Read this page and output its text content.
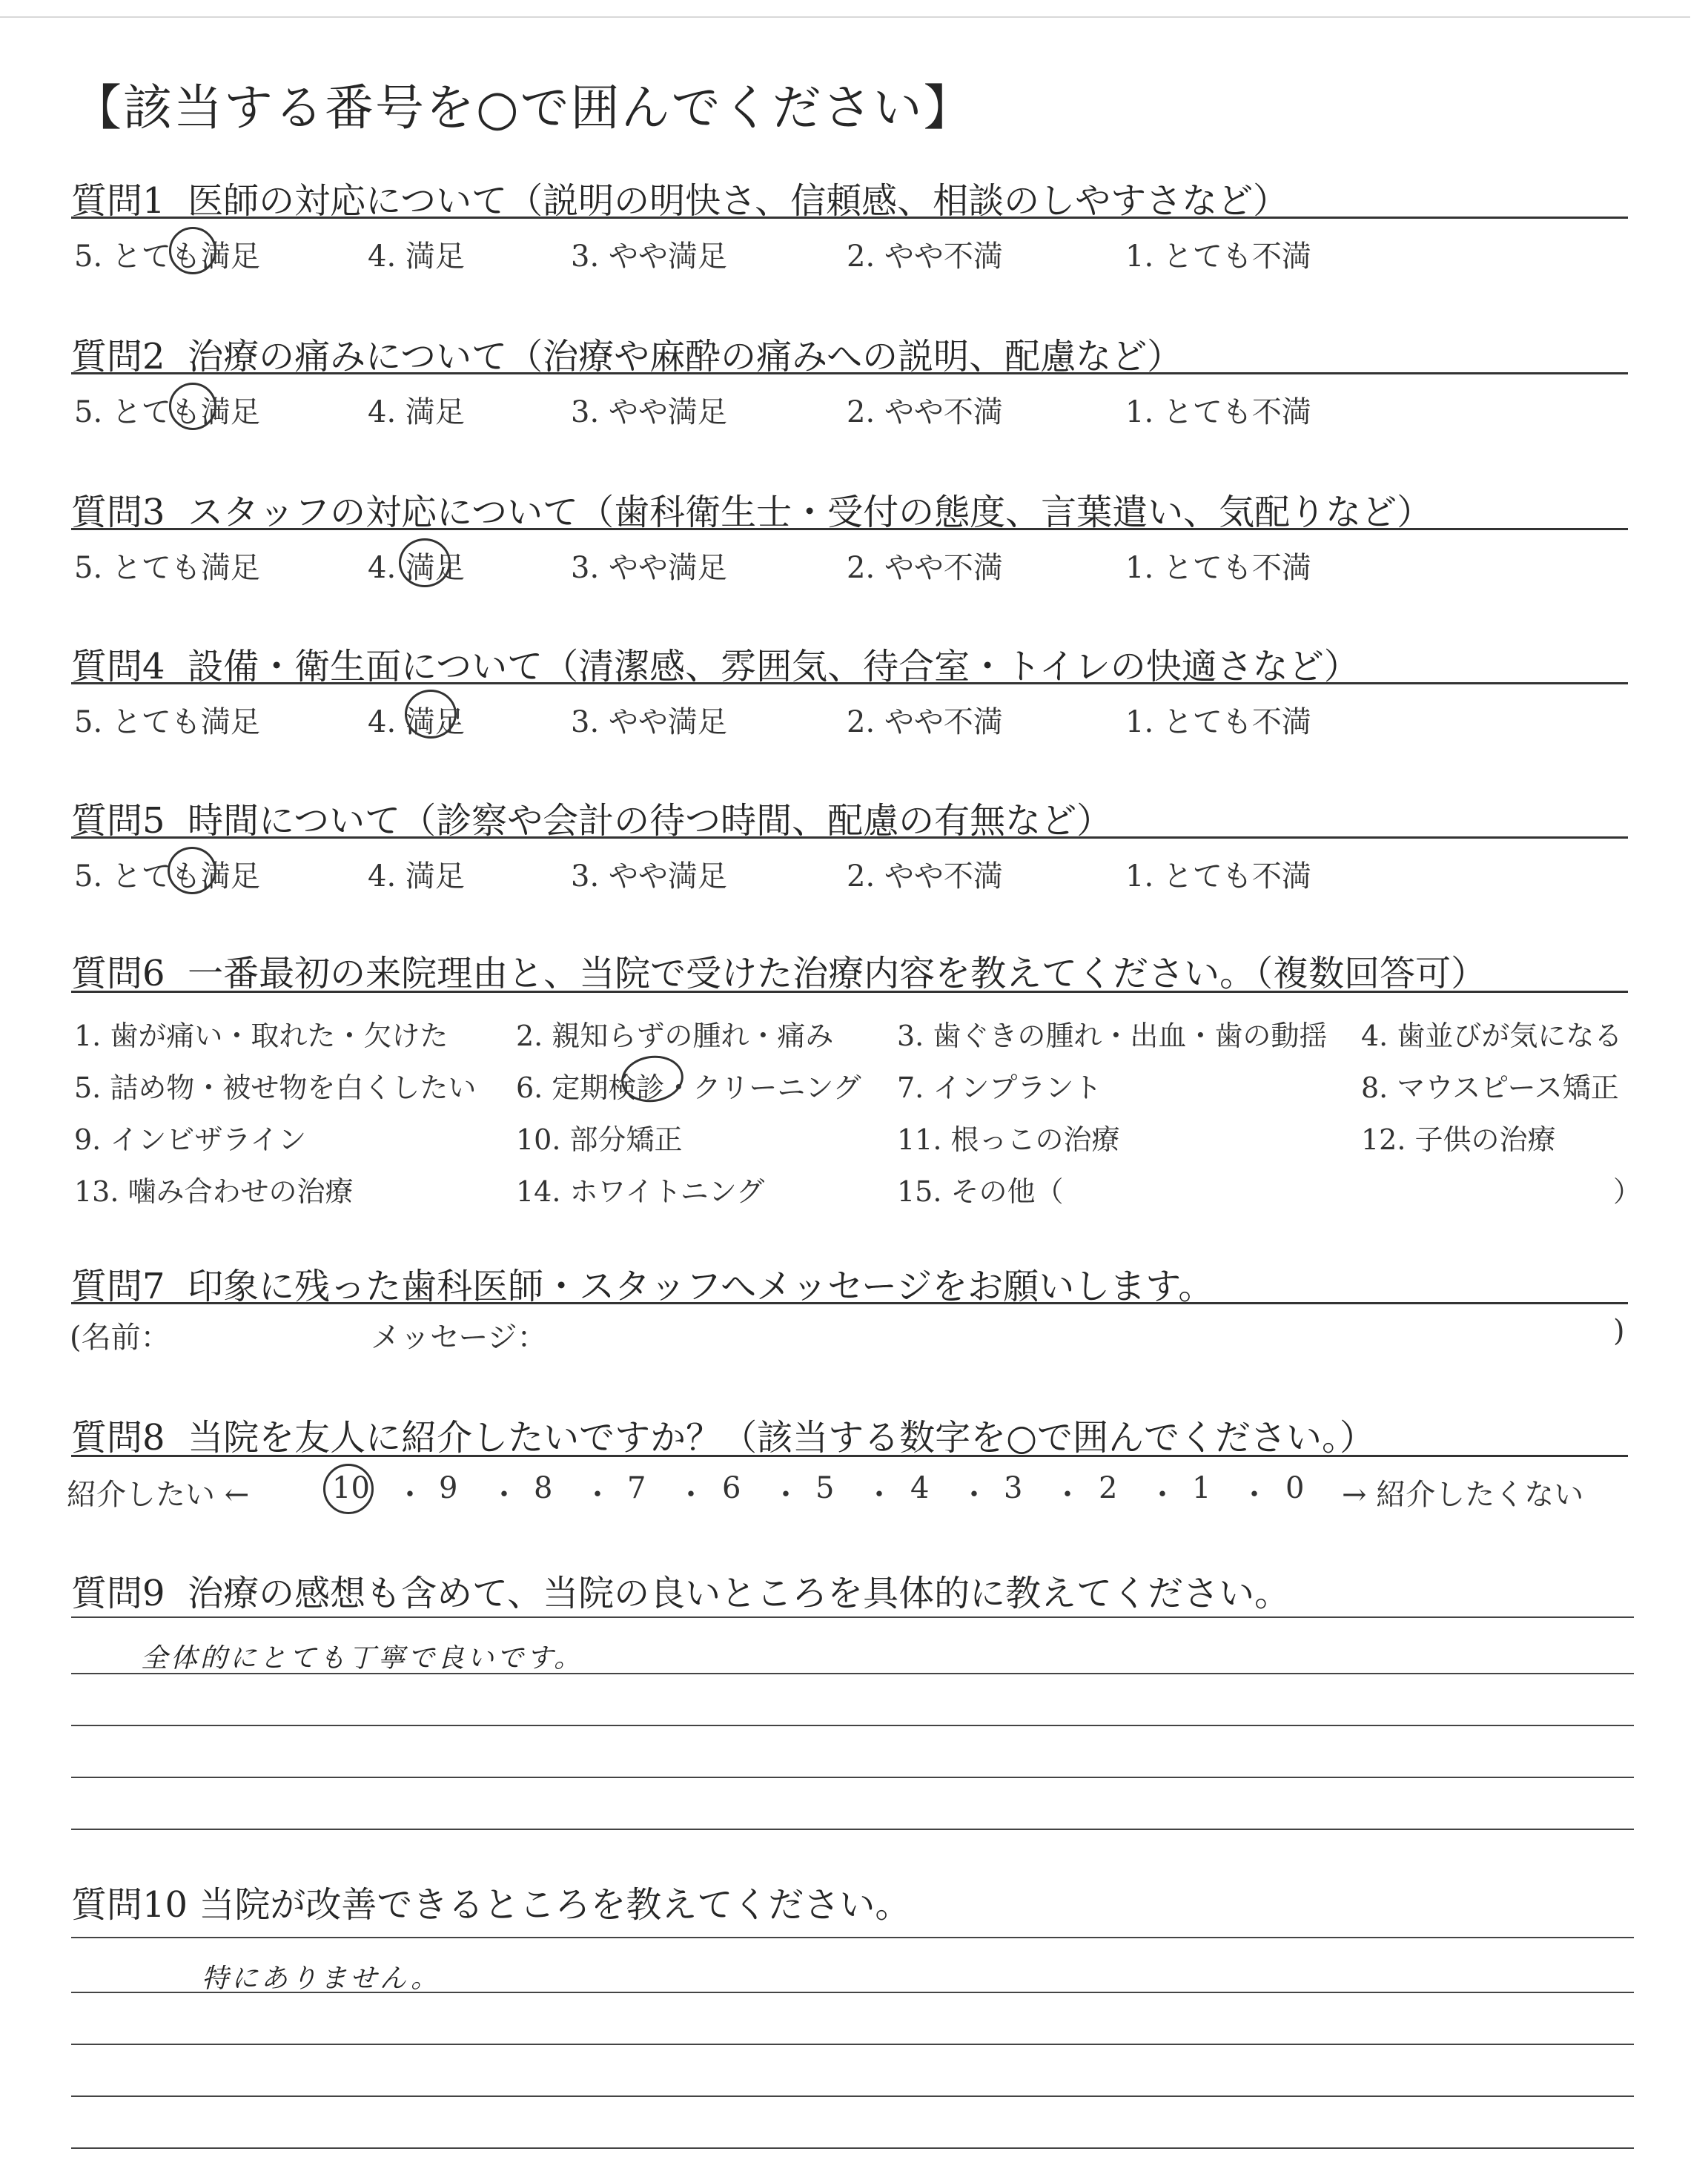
【該当する番号を○で囲んでください】
質問1 医師の対応について（説明の明快さ、信頼感、相談のしやすさなど）
5. とても満足	4. 満足	3. やや満足	2. やや不満	1. とても不満
質問2 治療の痛みについて（治療や麻酔の痛みへの説明、配慮など）
5. とても満足	4. 満足	3. やや満足	2. やや不満	1. とても不満
質問3 スタッフの対応について（歯科衛生士・受付の態度、言葉遣い、気配りなど）
5. とても満足	4. 満足	3. やや満足	2. やや不満	1. とても不満
質問4 設備・衛生面について（清潔感、雰囲気、待合室・トイレの快適さなど）
5. とても満足	4. 満足	3. やや満足	2. やや不満	1. とても不満
質問5 時間について（診察や会計の待つ時間、配慮の有無など）
5. とても満足	4. 満足	3. やや満足	2. やや不満	1. とても不満
質問6 一番最初の来院理由と、当院で受けた治療内容を教えてください。（複数回答可）
1. 歯が痛い・取れた・欠けた 2. 親知らずの腫れ・痛み 3. 歯ぐきの腫れ・出血・歯の動揺 4. 歯並びが気になる
5. 詰め物・被せ物を白くしたい 6. 定期検診・クリーニング 7. インプラント	8. マウスピース矯正
9. インビザライン	10. 部分矯正	11. 根っこの治療	12. 子供の治療
13. 噛み合わせの治療	14. ホワイトニング	15. その他（	）
質問7 印象に残った歯科医師・スタッフへメッセージをお願いします。
(名前：	メッセージ：	)
質問8 当院を友人に紹介したいですか？（該当する数字を○で囲んでください。）
紹介したい ←	10 ・ 9 ・ 8 ・ 7 ・ 6 ・ 5 ・ 4 ・ 3 ・ 2 ・ 1 ・ 0 → 紹介したくない
質問9 治療の感想も含めて、当院の良いところを具体的に教えてください。
全体的にとても丁寧で良いです。
質問10 当院が改善できるところを教えてください。
特にありません。
